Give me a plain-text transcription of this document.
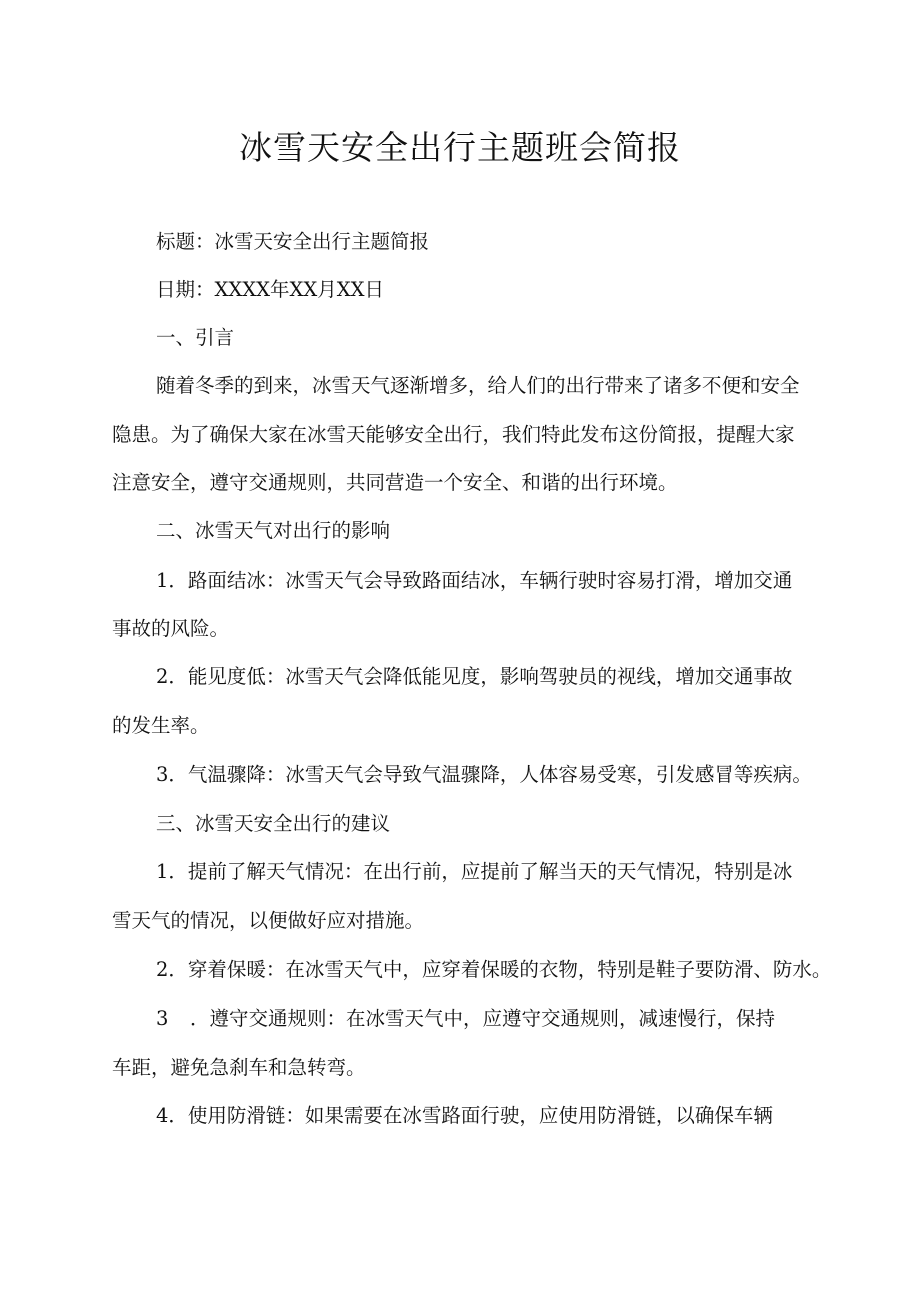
冰雪天安全出行主题班会简报
标题：冰雪天安全出行主题简报
日期：XXXX年XX月XX日
一、引言
随着冬季的到来，冰雪天气逐渐增多，给人们的出行带来了诸多不便和安全
隐患。为了确保大家在冰雪天能够安全出行，我们特此发布这份简报，提醒大家
注意安全，遵守交通规则，共同营造一个安全、和谐的出行环境。
二、冰雪天气对出行的影响
1．路面结冰：冰雪天气会导致路面结冰，车辆行驶时容易打滑，增加交通
事故的风险。
2．能见度低：冰雪天气会降低能见度，影响驾驶员的视线，增加交通事故
的发生率。
3．气温骤降：冰雪天气会导致气温骤降，人体容易受寒，引发感冒等疾病。
三、冰雪天安全出行的建议
1．提前了解天气情况：在出行前，应提前了解当天的天气情况，特别是冰
雪天气的情况，以便做好应对措施。
2．穿着保暖：在冰雪天气中，应穿着保暖的衣物，特别是鞋子要防滑、防水。
3 ．遵守交通规则：在冰雪天气中，应遵守交通规则，减速慢行，保持
车距，避免急刹车和急转弯。
4．使用防滑链：如果需要在冰雪路面行驶，应使用防滑链，以确保车辆
